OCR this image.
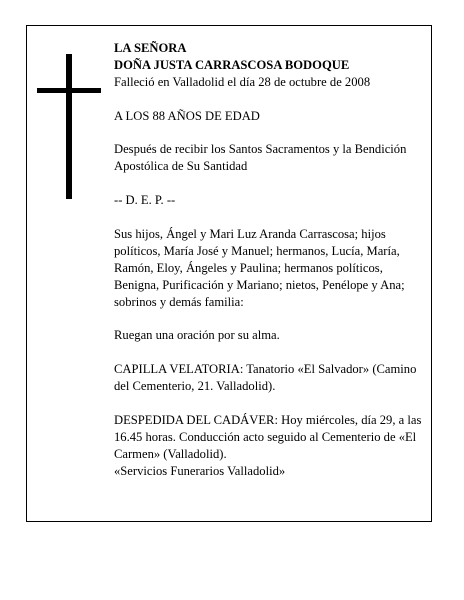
LA SEÑORA

DOÑA JUSTA CARRASCOSA BODOQUE

Falleció en Valladolid el día 28 de octubre de 2008

A LOS 88 AÑOS DE EDAD

Después de recibir los Santos Sacramentos y la Bendición Apostólica de Su Santidad

-- D. E. P. --

Sus hijos, Ángel y Mari Luz Aranda Carrascosa; hijos políticos, María José y Manuel; hermanos, Lucía, María, Ramón, Eloy, Ángeles y Paulina; hermanos políticos, Benigna, Purificación y Mariano; nietos, Penélope y Ana; sobrinos y demás familia:

Ruegan una oración por su alma.

CAPILLA VELATORIA: Tanatorio «El Salvador» (Camino del Cementerio, 21. Valladolid).

DESPEDIDA DEL CADÁVER: Hoy miércoles, día 29, a las 16.45 horas. Conducción acto seguido al Cementerio de «El Carmen» (Valladolid).

«Servicios Funerarios Valladolid»
